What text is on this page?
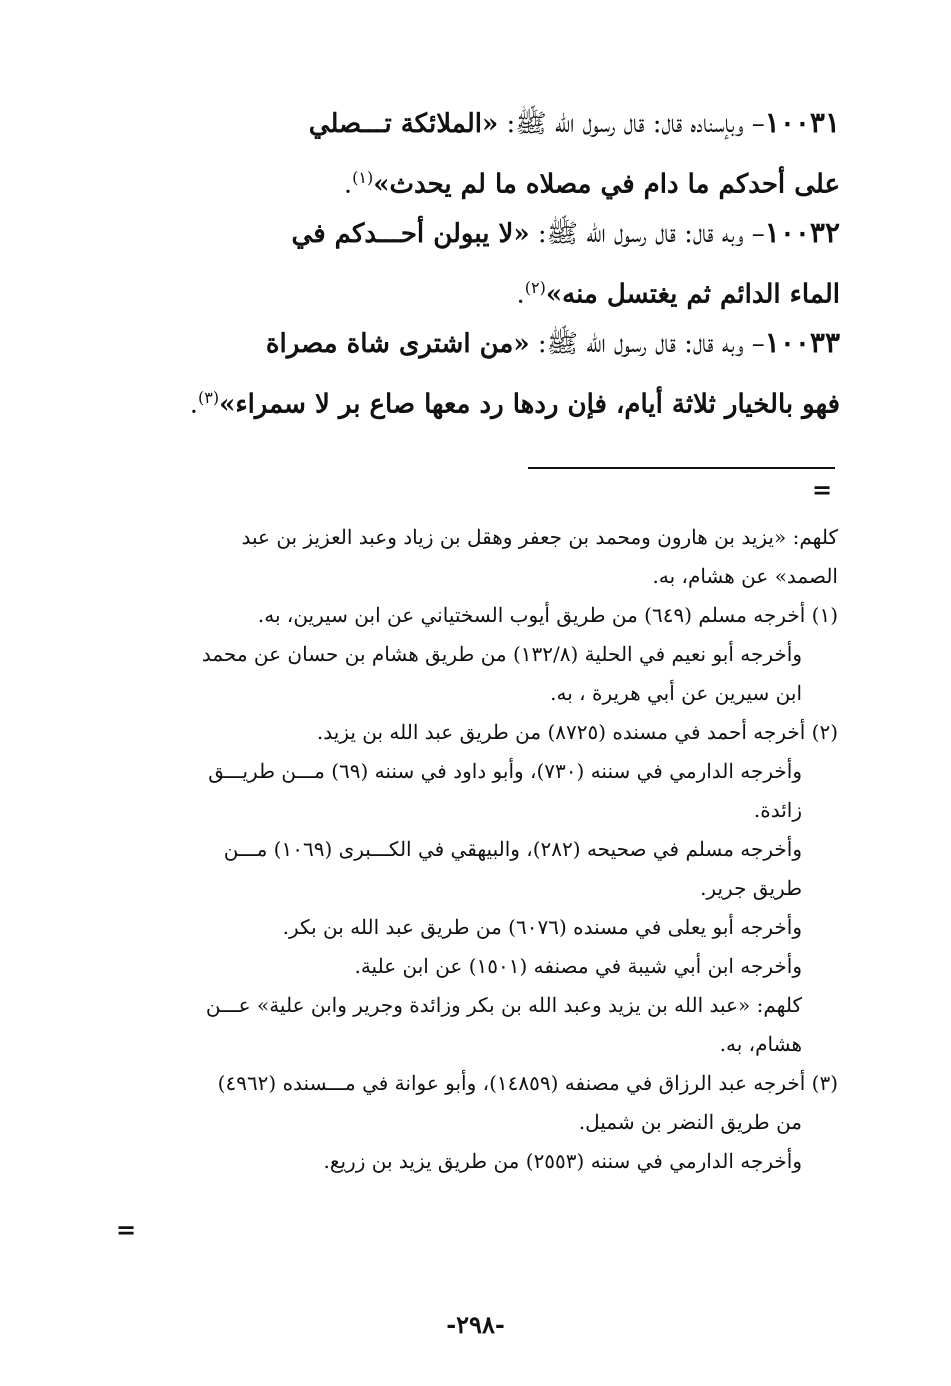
١٠٠٣١– وبإسناده قال: قال رسول الله ﷺ: «الملائكة تـــصلي
على أحدكم ما دام في مصلاه ما لم يحدث»$^{(١)}$.
١٠٠٣٢– وبه قال: قال رسول الله ﷺ: «لا يبولن أحـــدكم في
الماء الدائم ثم يغتسل منه»$^{(٢)}$.
١٠٠٣٣– وبه قال: قال رسول الله ﷺ: «من اشترى شاة مصراة
فهو بالخيار ثلاثة أيام، فإن ردها رد معها صاع بر لا سمراء»$^{(٣)}$.
=
كلهم: «يزيد بن هارون ومحمد بن جعفر وهقل بن زياد وعبد العزيز بن عبد
الصمد» عن هشام، به.
(١) أخرجه مسلم (٦٤٩) من طريق أيوب السختياني عن ابن سيرين، به.
وأخرجه أبو نعيم في الحلية (١٣٢/٨) من طريق هشام بن حسان عن محمد
ابن سيرين عن أبي هريرة ، به.
(٢) أخرجه أحمد في مسنده (٨٧٢٥) من طريق عبد الله بن يزيد.
وأخرجه الدارمي في سننه (٧٣٠)، وأبو داود في سننه (٦٩) مـــن طريـــق
زائدة.
وأخرجه مسلم في صحيحه (٢٨٢)، والبيهقي في الكـــبرى (١٠٦٩) مـــن
طريق جرير.
وأخرجه أبو يعلى في مسنده (٦٠٧٦) من طريق عبد الله بن بكر.
وأخرجه ابن أبي شيبة في مصنفه (١٥٠١) عن ابن علية.
كلهم: «عبد الله بن يزيد وعبد الله بن بكر وزائدة وجرير وابن علية» عـــن
هشام، به.
(٣) أخرجه عبد الرزاق في مصنفه (١٤٨٥٩)، وأبو عوانة في مـــسنده (٤٩٦٢)
من طريق النضر بن شميل.
وأخرجه الدارمي في سننه (٢٥٥٣) من طريق يزيد بن زريع.
=
-٢٩٨-
